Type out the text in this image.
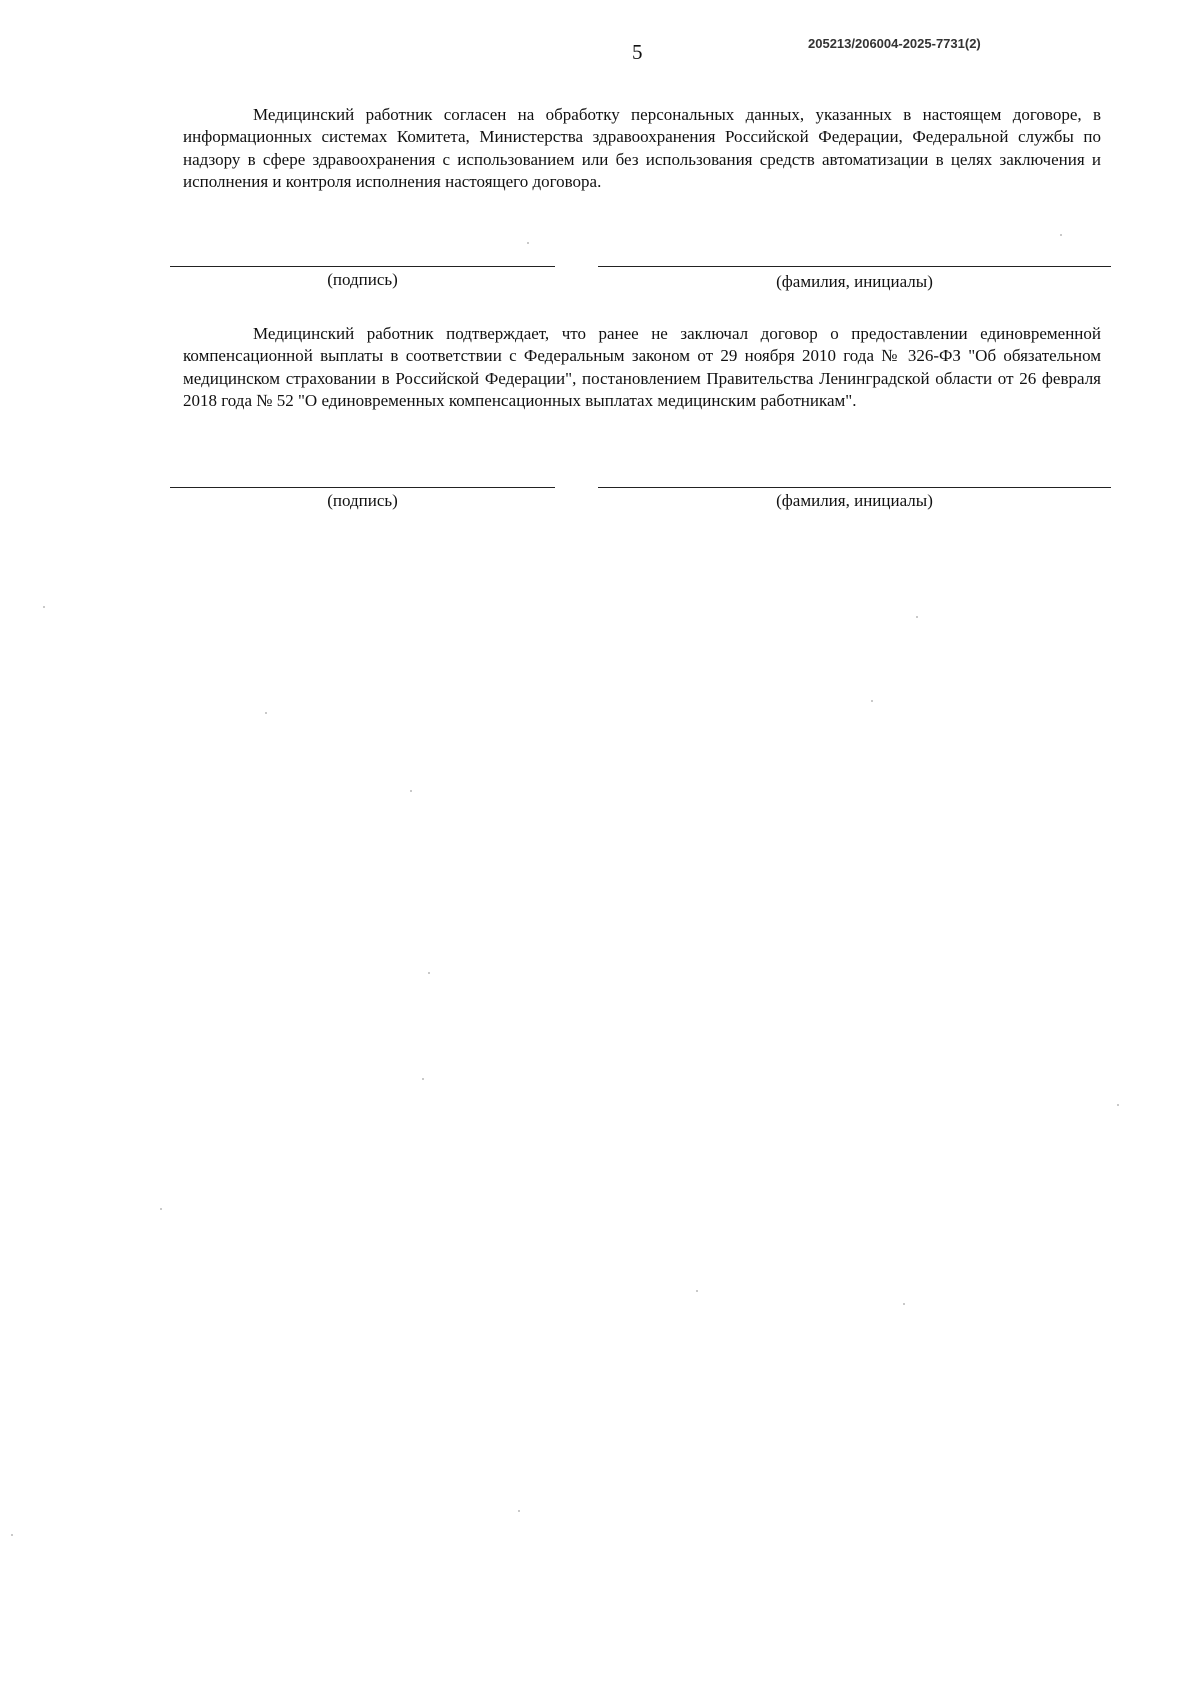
5	205213/206004-2025-7731(2)

Медицинский работник согласен на обработку персональных данных, указанных в настоящем договоре, в информационных системах Комитета, Министерства здравоохранения Российской Федерации, Федеральной службы по надзору в сфере здравоохранения с использованием или без использования средств автоматизации в целях заключения и исполнения и контроля исполнения настоящего договора.

(подпись)	(фамилия, инициалы)

Медицинский работник подтверждает, что ранее не заключал договор о предоставлении единовременной компенсационной выплаты в соответствии с Федеральным законом от 29 ноября 2010 года № 326-ФЗ "Об обязательном медицинском страховании в Российской Федерации", постановлением Правительства Ленинградской области от 26 февраля 2018 года № 52 "О единовременных компенсационных выплатах медицинским работникам".

(подпись)	(фамилия, инициалы)
